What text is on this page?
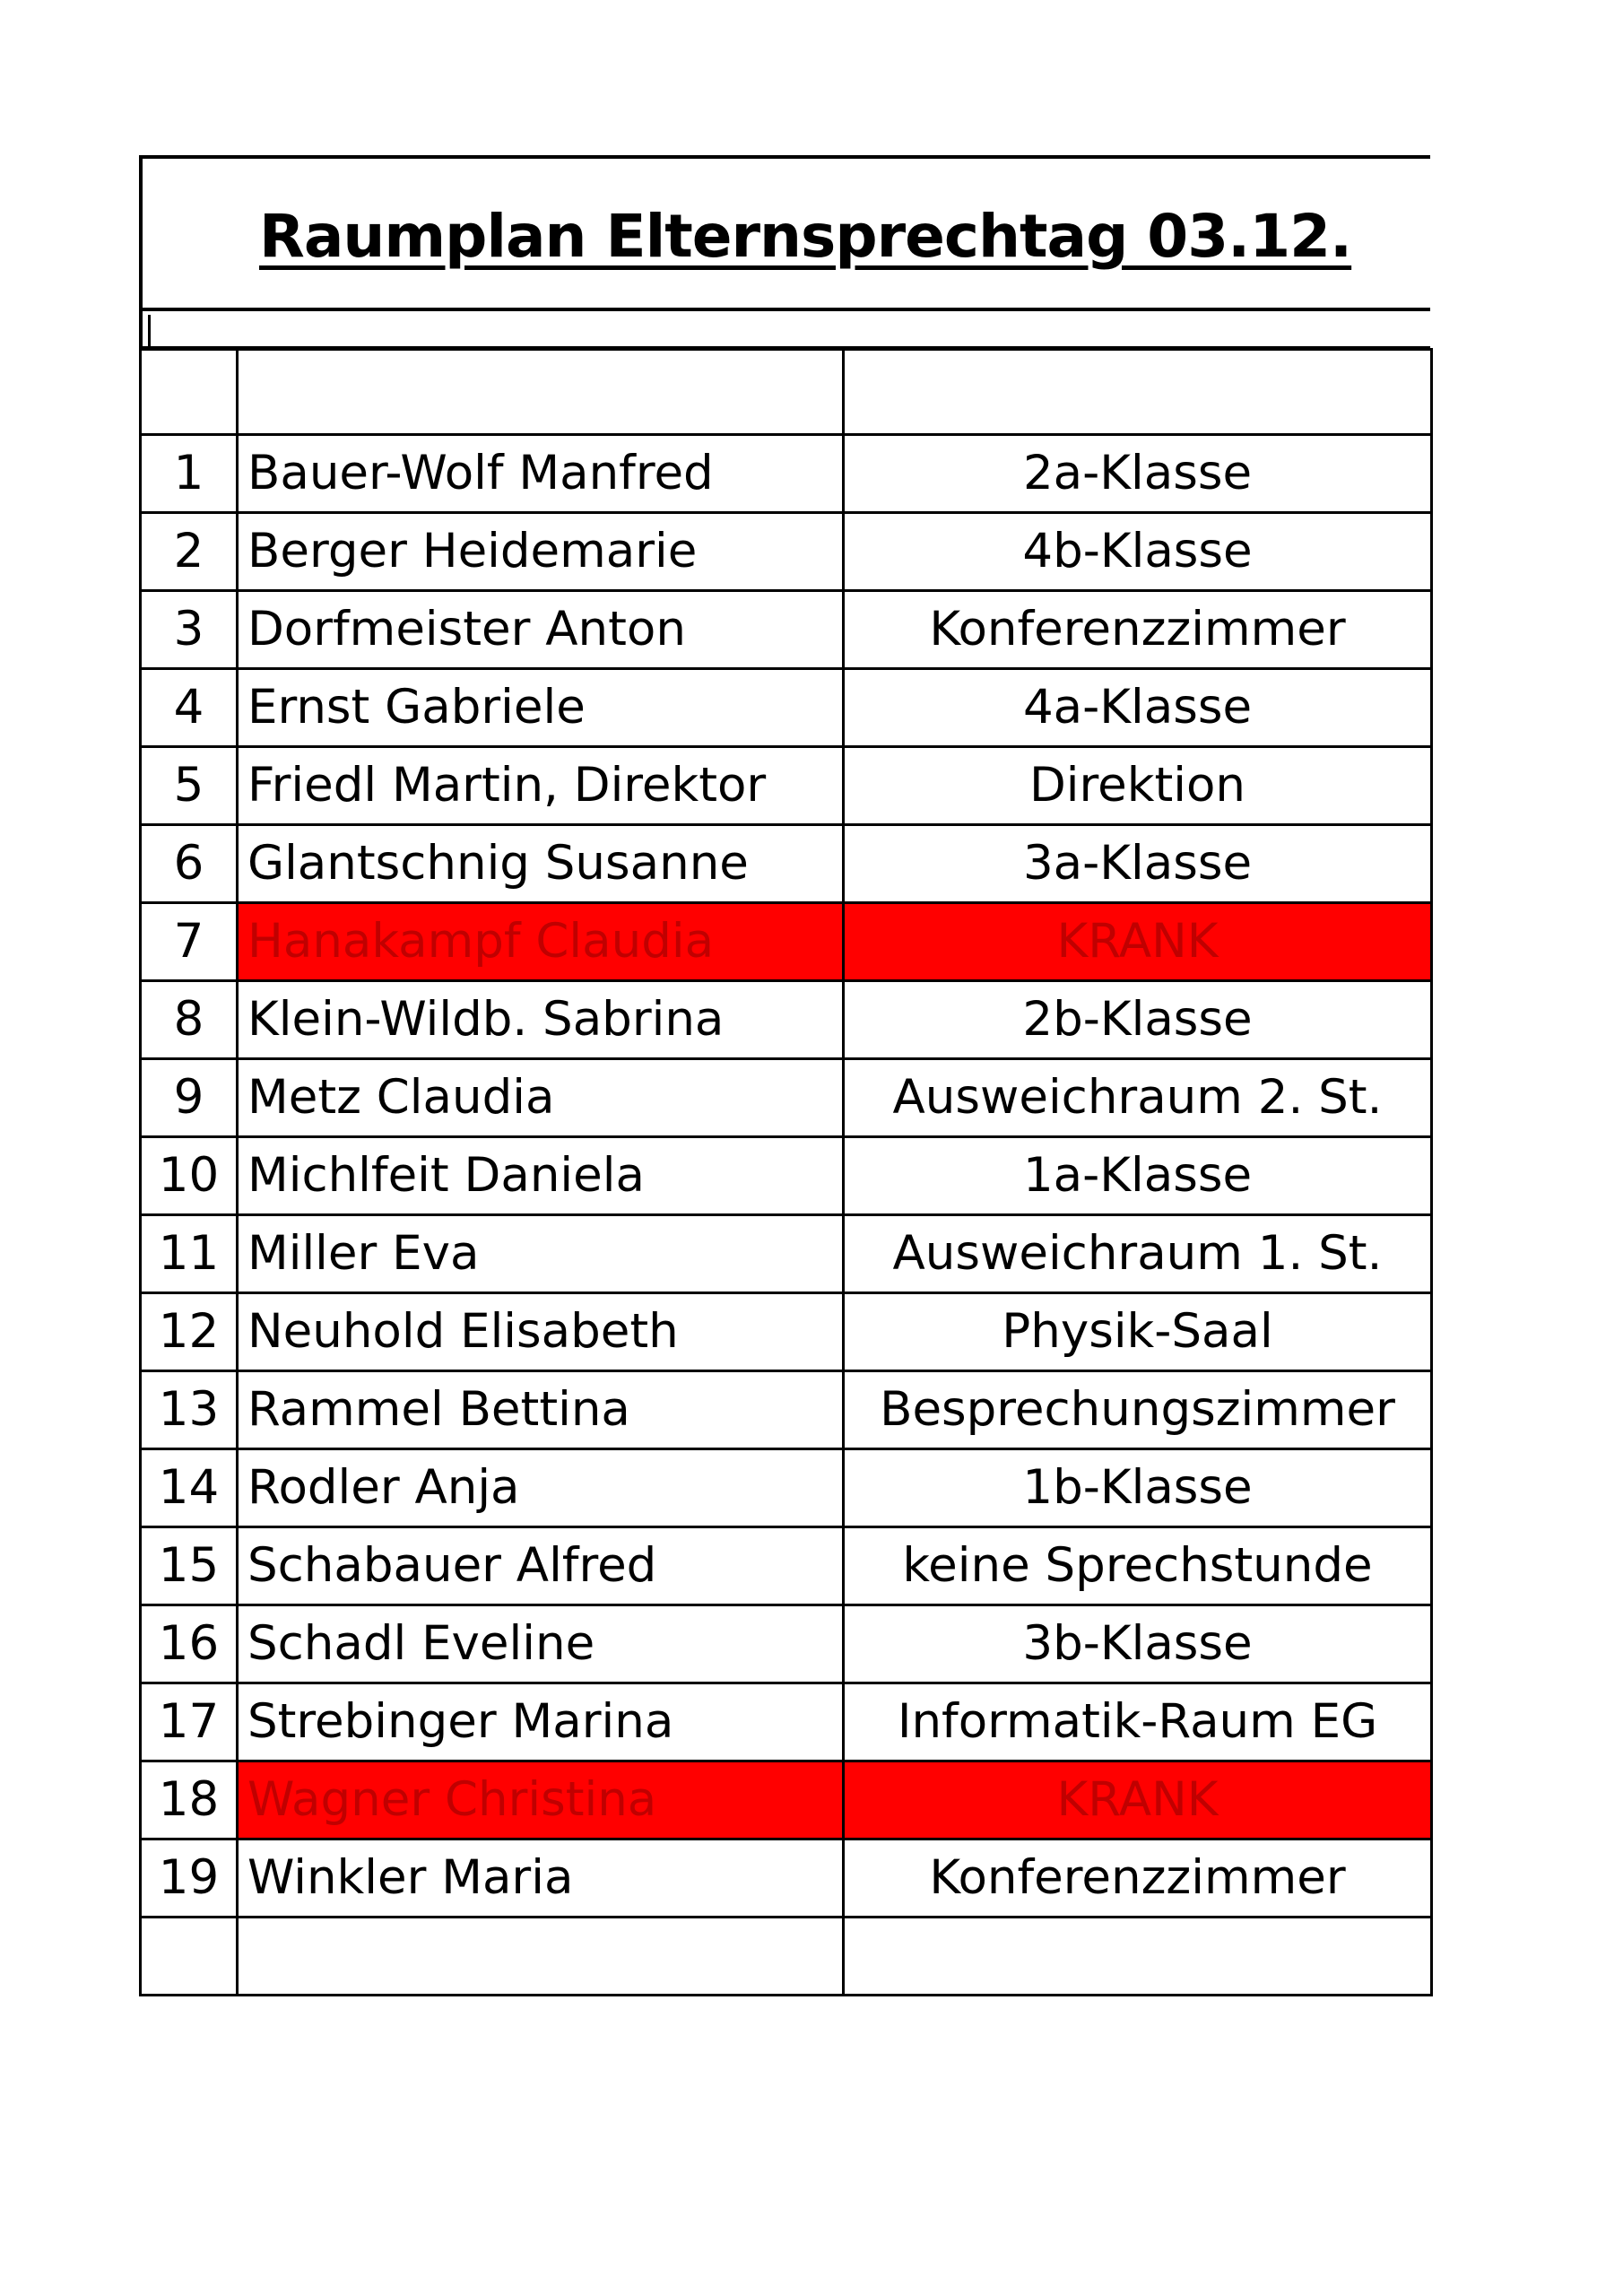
Raumplan Elternsprechtag 03.12.

1	Bauer-Wolf Manfred	2a-Klasse
2	Berger Heidemarie	4b-Klasse
3	Dorfmeister Anton	Konferenzzimmer
4	Ernst Gabriele	4a-Klasse
5	Friedl Martin, Direktor	Direktion
6	Glantschnig Susanne	3a-Klasse
7	Hanakampf Claudia	KRANK
8	Klein-Wildb. Sabrina	2b-Klasse
9	Metz Claudia	Ausweichraum 2. St.
10	Michlfeit Daniela	1a-Klasse
11	Miller Eva	Ausweichraum 1. St.
12	Neuhold Elisabeth	Physik-Saal
13	Rammel Bettina	Besprechungszimmer
14	Rodler Anja	1b-Klasse
15	Schabauer Alfred	keine Sprechstunde
16	Schadl Eveline	3b-Klasse
17	Strebinger Marina	Informatik-Raum EG
18	Wagner Christina	KRANK
19	Winkler Maria	Konferenzzimmer
